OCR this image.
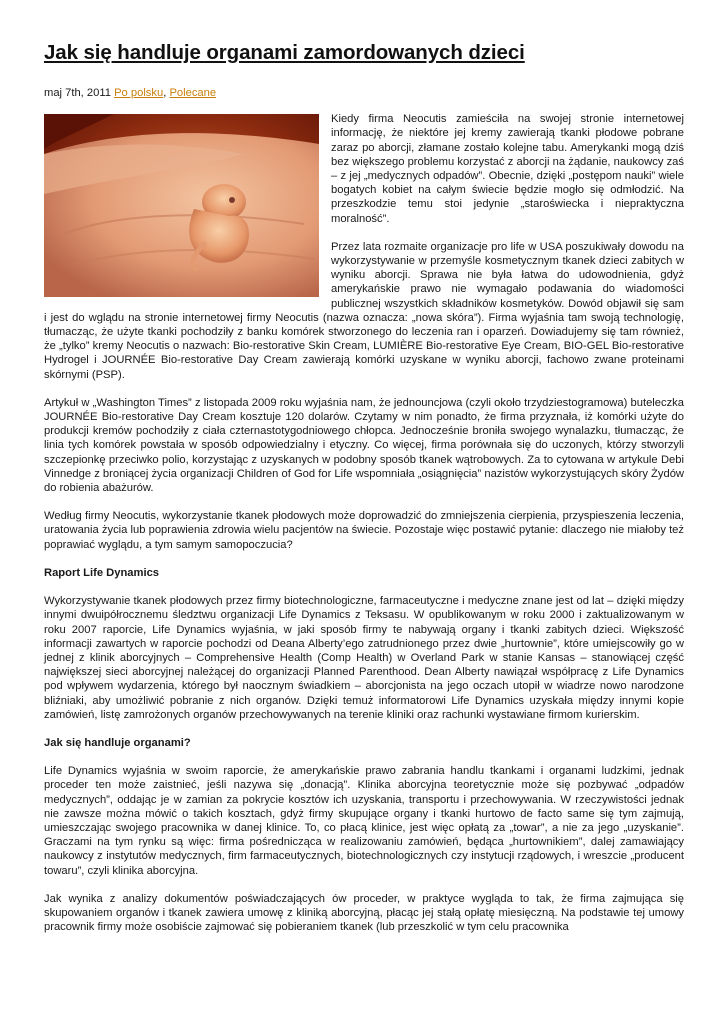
Jak się handluje organami zamordowanych dzieci
maj 7th, 2011 Po polsku, Polecane

Kiedy firma Neocutis zamieściła na swojej stronie internetowej informację, że niektóre jej kremy zawierają tkanki płodowe pobrane zaraz po aborcji, złamane zostało kolejne tabu. Amerykanki mogą dziś bez większego problemu korzystać z aborcji na żądanie, naukowcy zaś – z jej „medycznych odpadów”. Obecnie, dzięki „postępom nauki” wiele bogatych kobiet na całym świecie będzie mogło się odmłodzić. Na przeszkodzie temu stoi jedynie „staroświecka i niepraktyczna moralność”.

Przez lata rozmaite organizacje pro life w USA poszukiwały dowodu na wykorzystywanie w przemyśle kosmetycznym tkanek dzieci zabitych w wyniku aborcji. Sprawa nie była łatwa do udowodnienia, gdyż amerykańskie prawo nie wymagało podawania do wiadomości publicznej wszystkich składników kosmetyków. Dowód objawił się sam i jest do wglądu na stronie internetowej firmy Neocutis (nazwa oznacza: „nowa skóra”). Firma wyjaśnia tam swoją technologię, tłumacząc, że użyte tkanki pochodziły z banku komórek stworzonego do leczenia ran i oparzeń. Dowiadujemy się tam również, że „tylko” kremy Neocutis o nazwach: Bio-restorative Skin Cream, LUMIÈRE Bio-restorative Eye Cream, BIO-GEL Bio-restorative Hydrogel i JOURNÉE Bio-restorative Day Cream zawierają komórki uzyskane w wyniku aborcji, fachowo zwane proteinami skórnymi (PSP).

Artykuł w „Washington Times” z listopada 2009 roku wyjaśnia nam, że jednouncjowa (czyli około trzydziestogramowa) buteleczka JOURNÉE Bio-restorative Day Cream kosztuje 120 dolarów. Czytamy w nim ponadto, że firma przyznała, iż komórki użyte do produkcji kremów pochodziły z ciała czternastotygodniowego chłopca. Jednocześnie broniła swojego wynalazku, tłumacząc, że linia tych komórek powstała w sposób odpowiedzialny i etyczny. Co więcej, firma porównała się do uczonych, którzy stworzyli szczepionkę przeciwko polio, korzystając z uzyskanych w podobny sposób tkanek wątrobowych. Za to cytowana w artykule Debi Vinnedge z broniącej życia organizacji Children of God for Life wspomniała „osiągnięcia” nazistów wykorzystujących skóry Żydów do robienia abażurów.

Według firmy Neocutis, wykorzystanie tkanek płodowych może doprowadzić do zmniejszenia cierpienia, przyspieszenia leczenia, uratowania życia lub poprawienia zdrowia wielu pacjentów na świecie. Pozostaje więc postawić pytanie: dlaczego nie miałoby też poprawiać wyglądu, a tym samym samopoczucia?

Raport Life Dynamics

Wykorzystywanie tkanek płodowych przez firmy biotechnologiczne, farmaceutyczne i medyczne znane jest od lat – dzięki między innymi dwuipółrocznemu śledztwu organizacji Life Dynamics z Teksasu. W opublikowanym w roku 2000 i zaktualizowanym w roku 2007 raporcie, Life Dynamics wyjaśnia, w jaki sposób firmy te nabywają organy i tkanki zabitych dzieci. Większość informacji zawartych w raporcie pochodzi od Deana Alberty’ego zatrudnionego przez dwie „hurtownie”, które umiejscowiły go w jednej z klinik aborcyjnych – Comprehensive Health (Comp Health) w Overland Park w stanie Kansas – stanowiącej część największej sieci aborcyjnej należącej do organizacji Planned Parenthood. Dean Alberty nawiązał współpracę z Life Dynamics pod wpływem wydarzenia, którego był naocznym świadkiem – aborcjonista na jego oczach utopił w wiadrze nowo narodzone bliźniaki, aby umożliwić pobranie z nich organów. Dzięki temuż informatorowi Life Dynamics uzyskała między innymi kopie zamówień, listę zamrożonych organów przechowywanych na terenie kliniki oraz rachunki wystawiane firmom kurierskim.

Jak się handluje organami?

Life Dynamics wyjaśnia w swoim raporcie, że amerykańskie prawo zabrania handlu tkankami i organami ludzkimi, jednak proceder ten może zaistnieć, jeśli nazywa się „donacją”. Klinika aborcyjna teoretycznie może się pozbywać „odpadów medycznych”, oddając je w zamian za pokrycie kosztów ich uzyskania, transportu i przechowywania. W rzeczywistości jednak nie zawsze można mówić o takich kosztach, gdyż firmy skupujące organy i tkanki hurtowo de facto same się tym zajmują, umieszczając swojego pracownika w danej klinice. To, co płacą klinice, jest więc opłatą za „towar”, a nie za jego „uzyskanie”. Graczami na tym rynku są więc: firma pośrednicząca w realizowaniu zamówień, będąca „hurtownikiem”, dalej zamawiający naukowcy z instytutów medycznych, firm farmaceutycznych, biotechnologicznych czy instytucji rządowych, i wreszcie „producent towaru”, czyli klinika aborcyjna.

Jak wynika z analizy dokumentów poświadczających ów proceder, w praktyce wygląda to tak, że firma zajmująca się skupowaniem organów i tkanek zawiera umowę z kliniką aborcyjną, płacąc jej stałą opłatę miesięczną. Na podstawie tej umowy pracownik firmy może osobiście zajmować się pobieraniem tkanek (lub przeszkolić w tym celu pracownika
